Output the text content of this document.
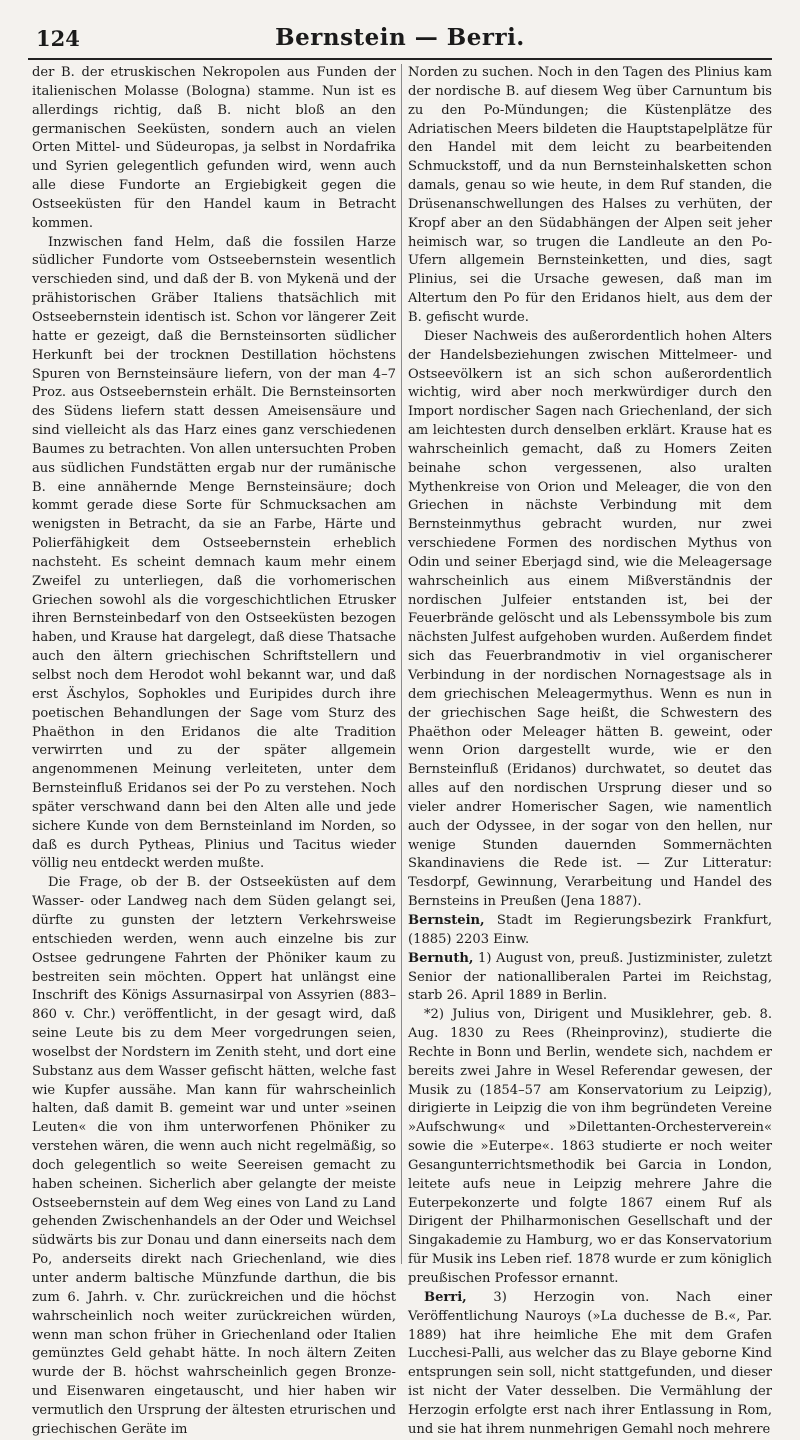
124	Bernstein — Berri.

der B. der etruskischen Nekropolen aus Funden der italienischen Molasse (Bologna) stamme. Nun ist es allerdings richtig, daß B. nicht bloß an den germanischen Seeküsten, sondern auch an vielen Orten Mittel- und Südeuropas, ja selbst in Nordafrika und Syrien gelegentlich gefunden wird, wenn auch alle diese Fundorte an Ergiebigkeit gegen die Ostseeküsten für den Handel kaum in Betracht kommen.

Inzwischen fand Helm, daß die fossilen Harze südlicher Fundorte vom Ostseebernstein wesentlich verschieden sind, und daß der B. von Mykenä und der prähistorischen Gräber Italiens thatsächlich mit Ostseebernstein identisch ist. Schon vor längerer Zeit hatte er gezeigt, daß die Bernsteinsorten südlicher Herkunft bei der trocknen Destillation höchstens Spuren von Bernsteinsäure liefern, von der man 4–7 Proz. aus Ostseebernstein erhält. Die Bernsteinsorten des Südens liefern statt dessen Ameisensäure und sind vielleicht als das Harz eines ganz verschiedenen Baumes zu betrachten. Von allen untersuchten Proben aus südlichen Fundstätten ergab nur der rumänische B. eine annähernde Menge Bernsteinsäure; doch kommt gerade diese Sorte für Schmucksachen am wenigsten in Betracht, da sie an Farbe, Härte und Polierfähigkeit dem Ostseebernstein erheblich nachsteht. Es scheint demnach kaum mehr einem Zweifel zu unterliegen, daß die vorhomerischen Griechen sowohl als die vorgeschichtlichen Etrusker ihren Bernsteinbedarf von den Ostseeküsten bezogen haben, und Krause hat dargelegt, daß diese Thatsache auch den ältern griechischen Schriftstellern und selbst noch dem Herodot wohl bekannt war, und daß erst Äschylos, Sophokles und Euripides durch ihre poetischen Behandlungen der Sage vom Sturz des Phaëthon in den Eridanos die alte Tradition verwirrten und zu der später allgemein angenommenen Meinung verleiteten, unter dem Bernsteinfluß Eridanos sei der Po zu verstehen. Noch später verschwand dann bei den Alten alle und jede sichere Kunde von dem Bernsteinland im Norden, so daß es durch Pytheas, Plinius und Tacitus wieder völlig neu entdeckt werden mußte.

Die Frage, ob der B. der Ostseeküsten auf dem Wasser- oder Landweg nach dem Süden gelangt sei, dürfte zu gunsten der letztern Verkehrsweise entschieden werden, wenn auch einzelne bis zur Ostsee gedrungene Fahrten der Phöniker kaum zu bestreiten sein möchten. Oppert hat unlängst eine Inschrift des Königs Assurnasirpal von Assyrien (883–860 v. Chr.) veröffentlicht, in der gesagt wird, daß seine Leute bis zu dem Meer vorgedrungen seien, woselbst der Nordstern im Zenith steht, und dort eine Substanz aus dem Wasser gefischt hätten, welche fast wie Kupfer aussähe. Man kann für wahrscheinlich halten, daß damit B. gemeint war und unter »seinen Leuten« die von ihm unterworfenen Phöniker zu verstehen wären, die wenn auch nicht regelmäßig, so doch gelegentlich so weite Seereisen gemacht zu haben scheinen. Sicherlich aber gelangte der meiste Ostseebernstein auf dem Weg eines von Land zu Land gehenden Zwischenhandels an der Oder und Weichsel südwärts bis zur Donau und dann einerseits nach dem Po, anderseits direkt nach Griechenland, wie dies unter anderm baltische Münzfunde darthun, die bis zum 6. Jahrh. v. Chr. zurückreichen und die höchst wahrscheinlich noch weiter zurückreichen würden, wenn man schon früher in Griechenland oder Italien gemünztes Geld gehabt hätte. In noch ältern Zeiten wurde der B. höchst wahrscheinlich gegen Bronze- und Eisenwaren eingetauscht, und hier haben wir vermutlich den Ursprung der ältesten etrurischen und griechischen Geräte im

Norden zu suchen. Noch in den Tagen des Plinius kam der nordische B. auf diesem Weg über Carnuntum bis zu den Po-Mündungen; die Küstenplätze des Adriatischen Meers bildeten die Hauptstapelplätze für den Handel mit dem leicht zu bearbeitenden Schmuckstoff, und da nun Bernsteinhalsketten schon damals, genau so wie heute, in dem Ruf standen, die Drüsenanschwellungen des Halses zu verhüten, der Kropf aber an den Südabhängen der Alpen seit jeher heimisch war, so trugen die Landleute an den Po-Ufern allgemein Bernsteinketten, und dies, sagt Plinius, sei die Ursache gewesen, daß man im Altertum den Po für den Eridanos hielt, aus dem der B. gefischt wurde.

Dieser Nachweis des außerordentlich hohen Alters der Handelsbeziehungen zwischen Mittelmeer- und Ostseevölkern ist an sich schon außerordentlich wichtig, wird aber noch merkwürdiger durch den Import nordischer Sagen nach Griechenland, der sich am leichtesten durch denselben erklärt. Krause hat es wahrscheinlich gemacht, daß zu Homers Zeiten beinahe schon vergessenen, also uralten Mythenkreise von Orion und Meleager, die von den Griechen in nächste Verbindung mit dem Bernsteinmythus gebracht wurden, nur zwei verschiedene Formen des nordischen Mythus von Odin und seiner Eberjagd sind, wie die Meleagersage wahrscheinlich aus einem Mißverständnis der nordischen Julfeier entstanden ist, bei der Feuerbrände gelöscht und als Lebenssymbole bis zum nächsten Julfest aufgehoben wurden. Außerdem findet sich das Feuerbrandmotiv in viel organischerer Verbindung in der nordischen Nornagestsage als in dem griechischen Meleagermythus. Wenn es nun in der griechischen Sage heißt, die Schwestern des Phaëthon oder Meleager hätten B. geweint, oder wenn Orion dargestellt wurde, wie er den Bernsteinfluß (Eridanos) durchwatet, so deutet das alles auf den nordischen Ursprung dieser und so vieler andrer Homerischer Sagen, wie namentlich auch der Odyssee, in der sogar von den hellen, nur wenige Stunden dauernden Sommernächten Skandinaviens die Rede ist. — Zur Litteratur: Tesdorpf, Gewinnung, Verarbeitung und Handel des Bernsteins in Preußen (Jena 1887).

Bernstein, Stadt im Regierungsbezirk Frankfurt, (1885) 2203 Einw.

Bernuth, 1) August von, preuß. Justizminister, zuletzt Senior der nationalliberalen Partei im Reichstag, starb 26. April 1889 in Berlin.

*2) Julius von, Dirigent und Musiklehrer, geb. 8. Aug. 1830 zu Rees (Rheinprovinz), studierte die Rechte in Bonn und Berlin, wendete sich, nachdem er bereits zwei Jahre in Wesel Referendar gewesen, der Musik zu (1854–57 am Konservatorium zu Leipzig), dirigierte in Leipzig die von ihm begründeten Vereine »Aufschwung« und »Dilettanten-Orchesterverein« sowie die »Euterpe«. 1863 studierte er noch weiter Gesangunterrichtsmethodik bei Garcia in London, leitete aufs neue in Leipzig mehrere Jahre die Euterpekonzerte und folgte 1867 einem Ruf als Dirigent der Philharmonischen Gesellschaft und der Singakademie zu Hamburg, wo er das Konservatorium für Musik ins Leben rief. 1878 wurde er zum königlich preußischen Professor ernannt.

Berri, 3) Herzogin von. Nach einer Veröffentlichung Nauroys (»La duchesse de B.«, Par. 1889) hat ihre heimliche Ehe mit dem Grafen Lucchesi-Palli, aus welcher das zu Blaye geborne Kind entsprungen sein soll, nicht stattgefunden, und dieser ist nicht der Vater desselben. Die Vermählung der Herzogin erfolgte erst nach ihrer Entlassung in Rom, und sie hat ihrem nunmehrigen Gemahl noch mehrere
